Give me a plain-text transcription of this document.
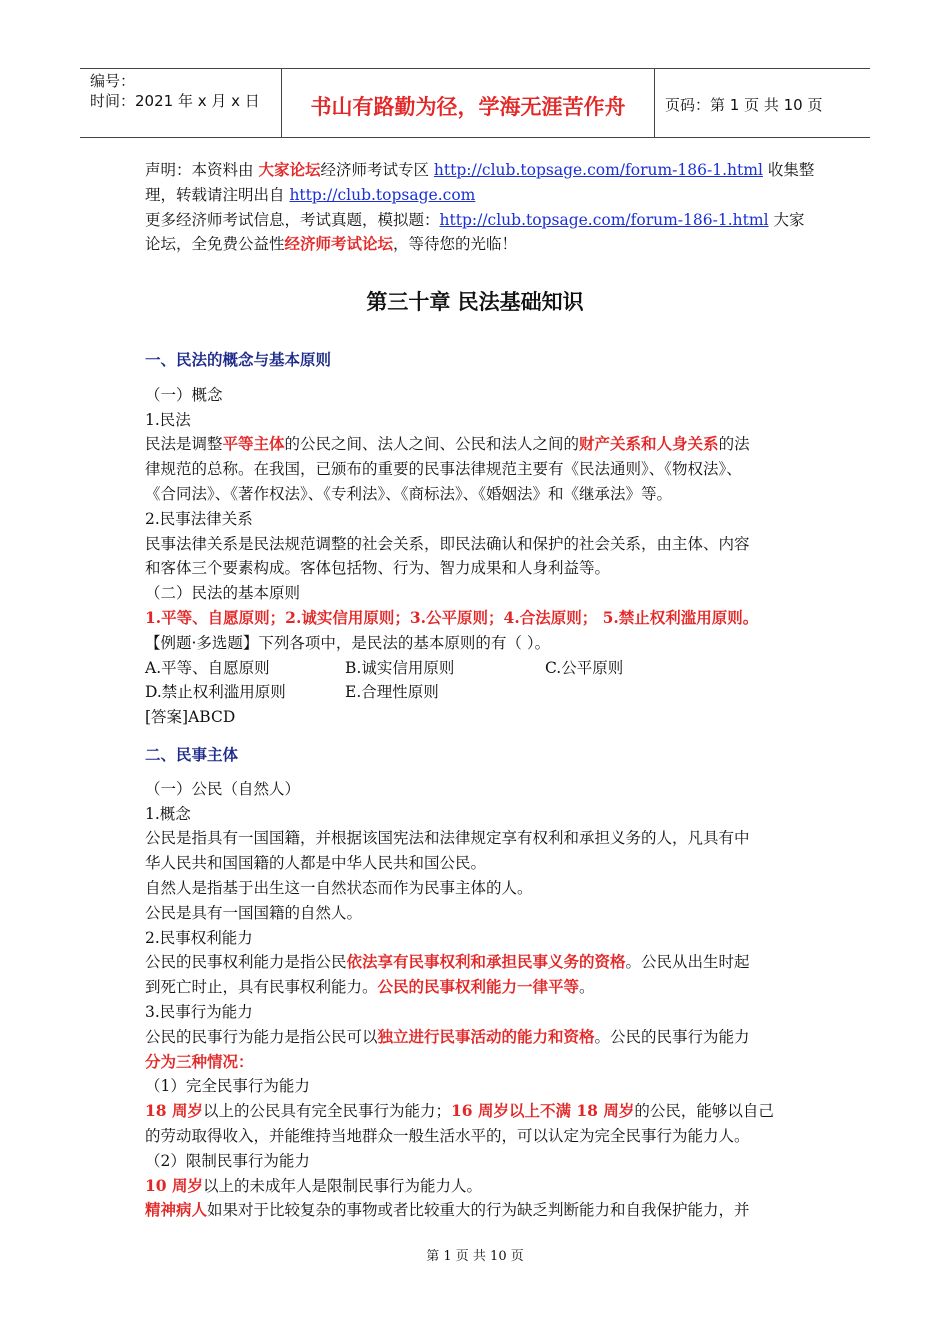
编号：
时间：2021 年 x 月 x 日	书山有路勤为径，学海无涯苦作舟	页码：第 1 页 共 10 页
声明：本资料由 大家论坛经济师考试专区 http://club.topsage.com/forum-186-1.html 收集整
理，转载请注明出自 http://club.topsage.com
更多经济师考试信息，考试真题，模拟题：http://club.topsage.com/forum-186-1.html 大家
论坛，全免费公益性经济师考试论坛，等待您的光临！
第三十章 民法基础知识
一、民法的概念与基本原则
（一）概念
1.民法
民法是调整平等主体的公民之间、法人之间、公民和法人之间的财产关系和人身关系的法
律规范的总称。在我国，已颁布的重要的民事法律规范主要有《民法通则》、《物权法》、
《合同法》、《著作权法》、《专利法》、《商标法》、《婚姻法》和《继承法》等。
2.民事法律关系
民事法律关系是民法规范调整的社会关系，即民法确认和保护的社会关系，由主体、内容
和客体三个要素构成。客体包括物、行为、智力成果和人身利益等。
（二）民法的基本原则
1.平等、自愿原则；2.诚实信用原则；3.公平原则；4.合法原则； 5.禁止权利滥用原则。
【例题·多选题】下列各项中，是民法的基本原则的有（ ）。
A.平等、自愿原则	B.诚实信用原则	C.公平原则
D.禁止权利滥用原则	E.合理性原则
[答案]ABCD
二、民事主体
（一）公民（自然人）
1.概念
公民是指具有一国国籍，并根据该国宪法和法律规定享有权利和承担义务的人，凡具有中
华人民共和国国籍的人都是中华人民共和国公民。
自然人是指基于出生这一自然状态而作为民事主体的人。
公民是具有一国国籍的自然人。
2.民事权利能力
公民的民事权利能力是指公民依法享有民事权利和承担民事义务的资格。公民从出生时起
到死亡时止，具有民事权利能力。公民的民事权利能力一律平等。
3.民事行为能力
公民的民事行为能力是指公民可以独立进行民事活动的能力和资格。公民的民事行为能力
分为三种情况：
（1）完全民事行为能力
18 周岁以上的公民具有完全民事行为能力；16 周岁以上不满 18 周岁的公民，能够以自己
的劳动取得收入，并能维持当地群众一般生活水平的，可以认定为完全民事行为能力人。
（2）限制民事行为能力
10 周岁以上的未成年人是限制民事行为能力人。
精神病人如果对于比较复杂的事物或者比较重大的行为缺乏判断能力和自我保护能力，并
第 1 页 共 10 页
